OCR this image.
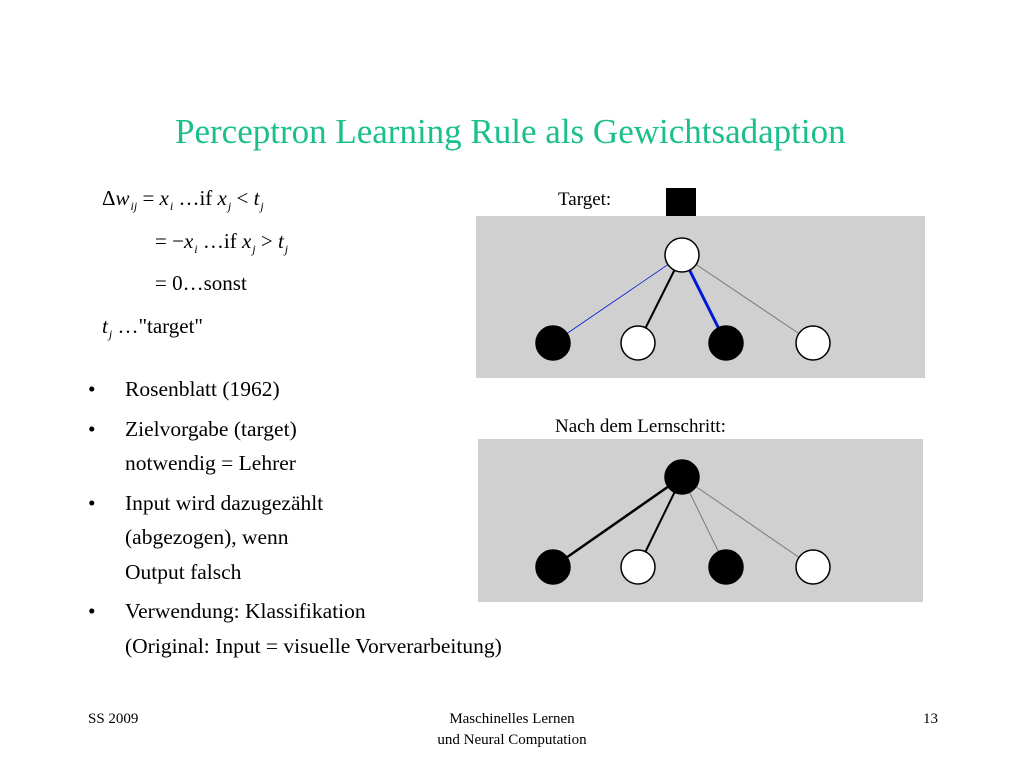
Perceptron Learning Rule als Gewichtsadaption
$\Delta w_{ij} = x_i$ …if $x_j < t_j$
= $-x_i$ …if $x_j > t_j$
= 0…sonst
$t_j$ …"target"
• Rosenblatt (1962)
• Zielvorgabe (target)
notwendig = Lehrer
• Input wird dazugezählt
(abgezogen), wenn
Output falsch
• Verwendung: Klassifikation
(Original: Input = visuelle Vorverarbeitung)
Target:
Nach dem Lernschritt:
SS 2009	Maschinelles Lernen
und Neural Computation
13
